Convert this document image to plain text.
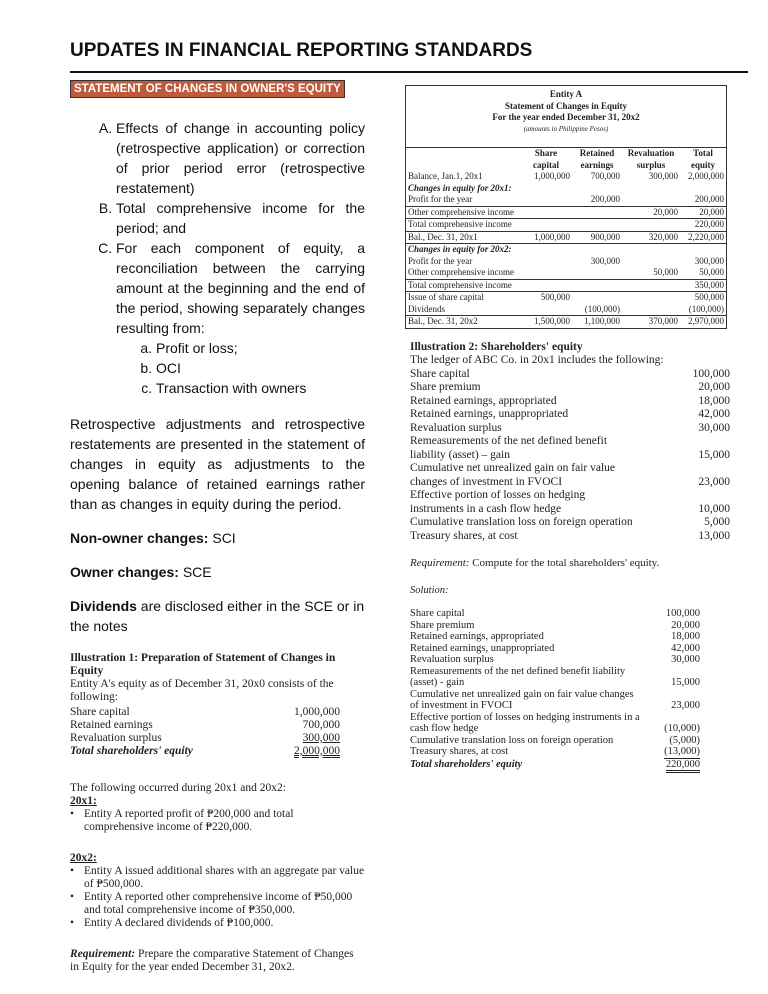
UPDATES IN FINANCIAL REPORTING STANDARDS
STATEMENT OF CHANGES IN OWNER'S EQUITY
A. Effects of change in accounting policy (retrospective application) or correction of prior period error (retrospective restatement)
B. Total comprehensive income for the period; and
C. For each component of equity, a reconciliation between the carrying amount at the beginning and the end of the period, showing separately changes resulting from:
a. Profit or loss;
b. OCI
c. Transaction with owners

Retrospective adjustments and retrospective restatements are presented in the statement of changes in equity as adjustments to the opening balance of retained earnings rather than as changes in equity during the period.

Non-owner changes: SCI

Owner changes: SCE

Dividends are disclosed either in the SCE or in the notes

Illustration 1: Preparation of Statement of Changes in Equity
Entity A's equity as of December 31, 20x0 consists of the following:
Share capital	1,000,000
Retained earnings	700,000
Revaluation surplus	300,000
Total shareholders' equity	2,000,000
The following occurred during 20x1 and 20x2:
20x1:
• Entity A reported profit of ₱200,000 and total comprehensive income of ₱220,000.
20x2:
• Entity A issued additional shares with an aggregate par value of ₱500,000.
• Entity A reported other comprehensive income of ₱50,000 and total comprehensive income of ₱350,000.
• Entity A declared dividends of ₱100,000.
Requirement: Prepare the comparative Statement of Changes in Equity for the year ended December 31, 20x2.
Entity A
Statement of Changes in Equity
For the year ended December 31, 20x2
(amounts in Philippine Pesos)
	Share capital	Retained earnings	Revaluation surplus	Total equity
Balance, Jan.1, 20x1	1,000,000	700,000	300,000	2,000,000
Changes in equity for 20x1:				
Profit for the year		200,000		200,000
Other comprehensive income			20,000	20,000
Total comprehensive income				220,000
Bal., Dec. 31, 20x1	1,000,000	900,000	320,000	2,220,000
Changes in equity for 20x2:				
Profit for the year		300,000		300,000
Other comprehensive income			50,000	50,000
Total comprehensive income				350,000
Issue of share capital	500,000			500,000
Dividends		(100,000)		(100,000)
Bal., Dec. 31, 20x2	1,500,000	1,100,000	370,000	2,970,000
Illustration 2: Shareholders' equity
The ledger of ABC Co. in 20x1 includes the following:
Share capital	100,000
Share premium	20,000
Retained earnings, appropriated	18,000
Retained earnings, unappropriated	42,000
Revaluation surplus	30,000
Remeasurements of the net defined benefit liability (asset) – gain	15,000
Cumulative net unrealized gain on fair value changes of investment in FVOCI	23,000
Effective portion of losses on hedging instruments in a cash flow hedge	10,000
Cumulative translation loss on foreign operation	5,000
Treasury shares, at cost	13,000
Requirement: Compute for the total shareholders' equity.
Solution:
Share capital	100,000
Share premium	20,000
Retained earnings, appropriated	18,000
Retained earnings, unappropriated	42,000
Revaluation surplus	30,000
Remeasurements of the net defined benefit liability (asset) - gain	15,000
Cumulative net unrealized gain on fair value changes of investment in FVOCI	23,000
Effective portion of losses on hedging instruments in a cash flow hedge	(10,000)
Cumulative translation loss on foreign operation	(5,000)
Treasury shares, at cost	(13,000)
Total shareholders' equity	220,000
